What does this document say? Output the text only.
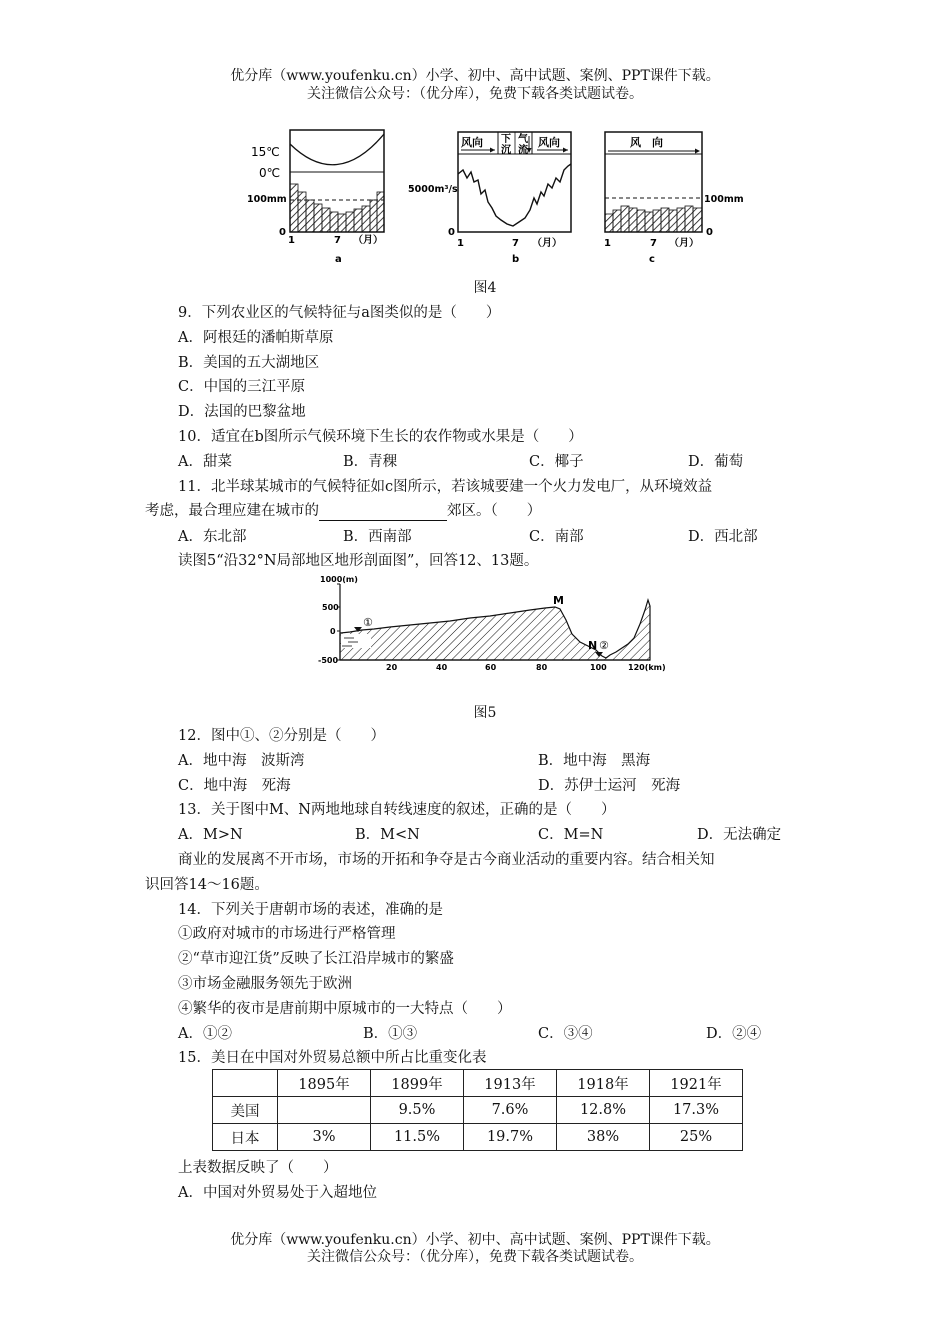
优分库（www.youfenku.cn）小学、初中、高中试题、案例、PPT课件下载。
关注微信公众号：（优分库），免费下载各类试题试卷。
15℃
0℃
100mm
0
1	7 （月）
a
风向 下
沉
气
流
风向
5000m³/s
0
1	7 （月）
b
风　向
100mm
0
1	7 （月）
c
图4
9．下列农业区的气候特征与a图类似的是（　　）
A．阿根廷的潘帕斯草原
B．美国的五大湖地区
C．中国的三江平原
D．法国的巴黎盆地
10．适宜在b图所示气候环境下生长的农作物或水果是（　　）
A．甜菜	B．青稞	C．椰子	D．葡萄
11．北半球某城市的气候特征如c图所示，若该城要建一个火力发电厂，从环境效益
考虑，最合理应建在城市的	郊区。（　　）
A．东北部	B．西南部	C．南部	D．西北部
读图5“沿32°N局部地区地形剖面图”，回答12、13题。
①
N ②
M
1000(m)
500
0
-500
20	40	60	80	100	120(km)
图5
12．图中①、②分别是（　　）
A．地中海　波斯湾	B．地中海　黑海
C．地中海　死海	D．苏伊士运河　死海
13．关于图中M、N两地地球自转线速度的叙述，正确的是（　　）
A．M>N	B．M<N	C．M=N	D．无法确定
商业的发展离不开市场，市场的开拓和争夺是古今商业活动的重要内容。结合相关知
识回答14～16题。
14．下列关于唐朝市场的表述，准确的是
①政府对城市的市场进行严格管理
②“草市迎江货”反映了长江沿岸城市的繁盛
③市场金融服务领先于欧洲
④繁华的夜市是唐前期中原城市的一大特点（　　）
A．①②	B．①③	C．③④	D．②④
15．美日在中国对外贸易总额中所占比重变化表
	1895年	1899年	1913年	1918年	1921年
美国		9.5%	7.6%	12.8%	17.3%
日本	3%	11.5%	19.7%	38%	25%
上表数据反映了（　　）
A．中国对外贸易处于入超地位
优分库（www.youfenku.cn）小学、初中、高中试题、案例、PPT课件下载。
关注微信公众号：（优分库），免费下载各类试题试卷。
